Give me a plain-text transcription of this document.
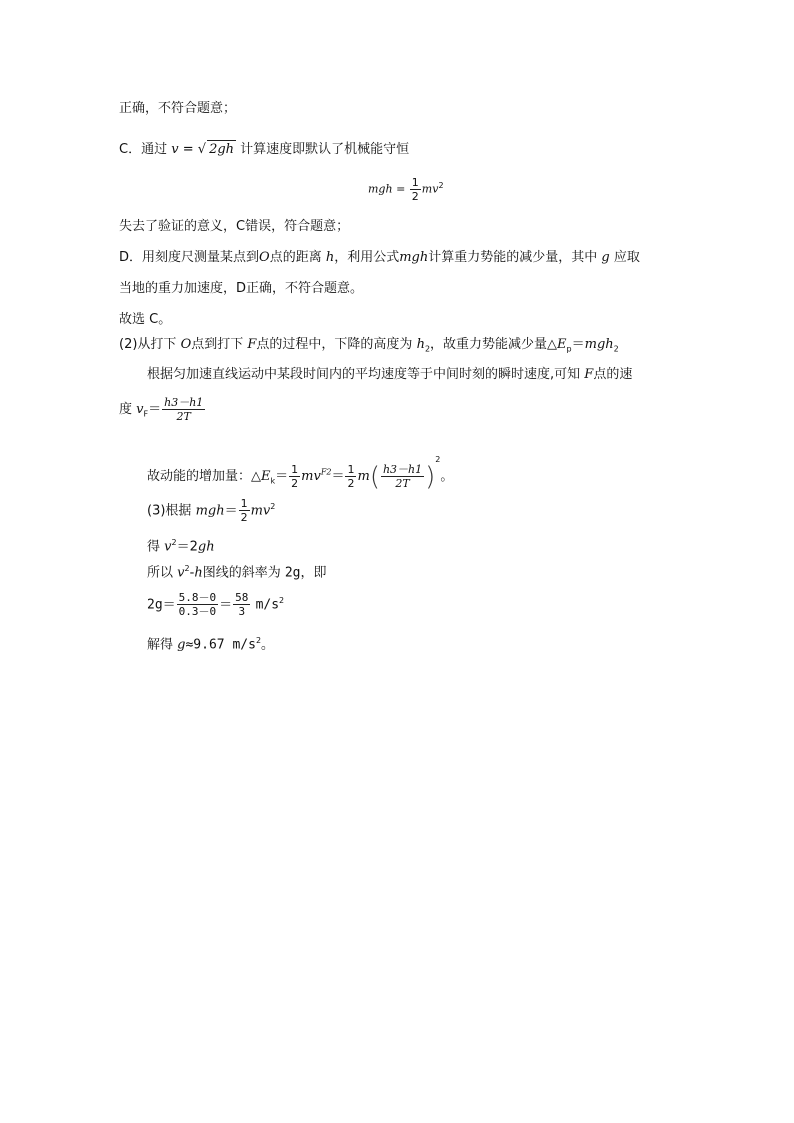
正确，不符合题意；
C．通过 v = √ 2gh 计算速度即默认了机械能守恒
mgh = $\frac{1}{2} mv^2$
失去了验证的意义，C错误，符合题意；
D．用刻度尺测量某点到O点的距离 h，利用公式mgh计算重力势能的减少量，其中 g 应取
当地的重力加速度，D正确，不符合题意。
故选 C。
(2)从打下 O点到打下 F点的过程中，下降的高度为 $h_2$，故重力势能减少量$\triangle E_p=mgh_2$
根据匀加速直线运动中某段时间内的平均速度等于中间时刻的瞬时速度,可知 F点的速
度 $v_F= \frac{h3-h1}{2T}$
故动能的增加量：$\triangle E_k= \frac{1}{2} mv^{F2}= \frac{1}{2} m( \frac{h3-h1}{2T} )^2$。
(3)根据 $mgh= \frac{1}{2} mv^2$
得 $v^2=2gh$
所以 $v^2-h$图线的斜率为 2g，即
$2g= \frac{5.8-0}{0.3-0} = \frac{58}{3} m/s^2$
解得 g≈9.67 $m/s^2$。
